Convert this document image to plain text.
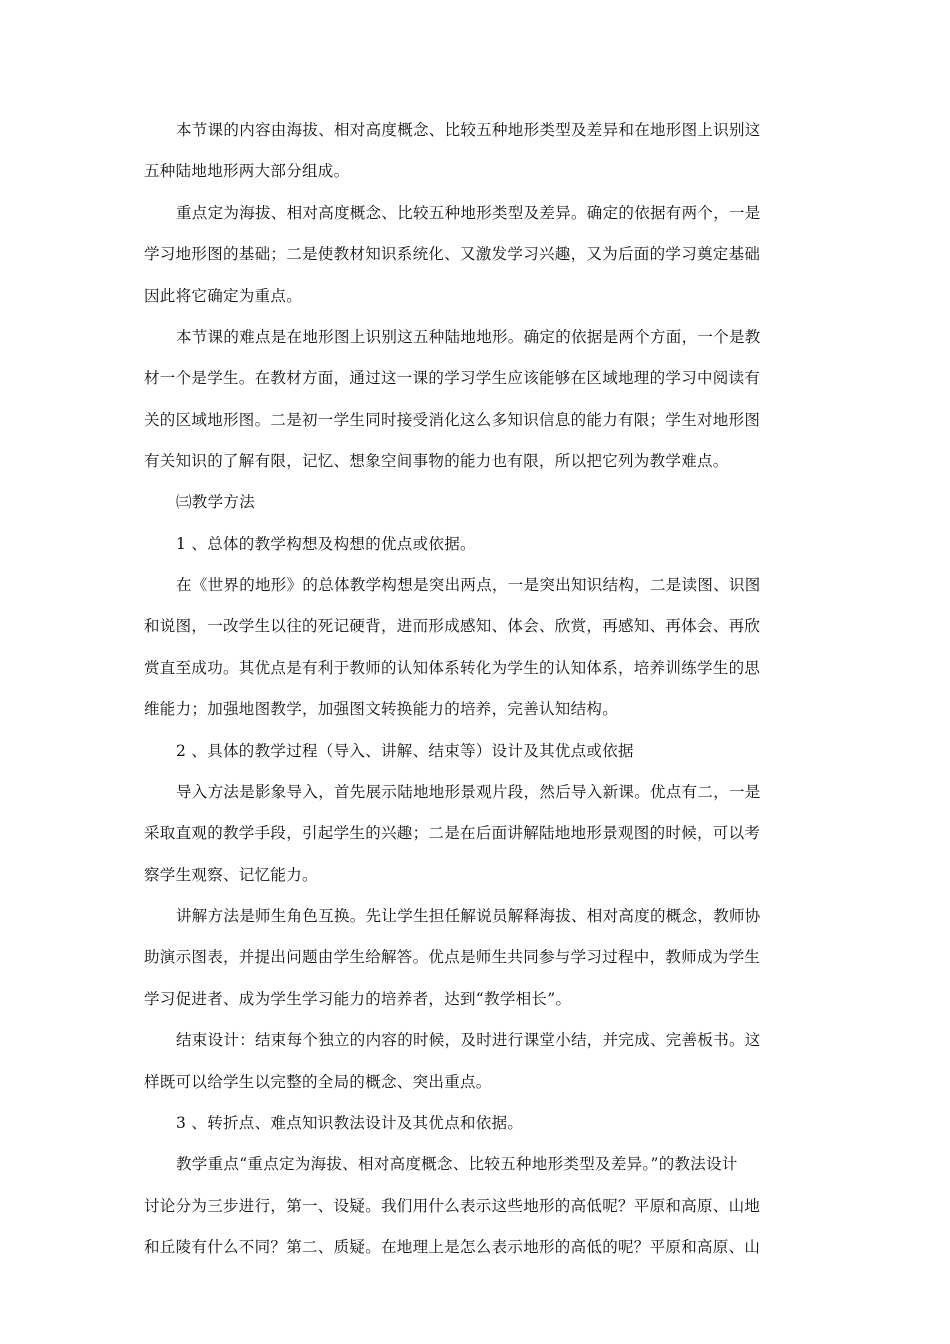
本节课的内容由海拔、相对高度概念、比较五种地形类型及差异和在地形图上识别这
五种陆地地形两大部分组成。
重点定为海拔、相对高度概念、比较五种地形类型及差异。确定的依据有两个，一是
学习地形图的基础；二是使教材知识系统化、又激发学习兴趣，又为后面的学习奠定基础
因此将它确定为重点。
本节课的难点是在地形图上识别这五种陆地地形。确定的依据是两个方面，一个是教
材一个是学生。在教材方面，通过这一课的学习学生应该能够在区域地理的学习中阅读有
关的区域地形图。二是初一学生同时接受消化这么多知识信息的能力有限；学生对地形图
有关知识的了解有限，记忆、想象空间事物的能力也有限，所以把它列为教学难点。
㈢教学方法
1 、总体的教学构想及构想的优点或依据。
在《世界的地形》的总体教学构想是突出两点，一是突出知识结构，二是读图、识图
和说图，一改学生以往的死记硬背，进而形成感知、体会、欣赏，再感知、再体会、再欣
赏直至成功。其优点是有利于教师的认知体系转化为学生的认知体系，培养训练学生的思
维能力；加强地图教学，加强图文转换能力的培养，完善认知结构。
2 、具体的教学过程（导入、讲解、结束等）设计及其优点或依据
导入方法是影象导入，首先展示陆地地形景观片段，然后导入新课。优点有二，一是
采取直观的教学手段，引起学生的兴趣；二是在后面讲解陆地地形景观图的时候，可以考
察学生观察、记忆能力。
讲解方法是师生角色互换。先让学生担任解说员解释海拔、相对高度的概念，教师协
助演示图表，并提出问题由学生给解答。优点是师生共同参与学习过程中，教师成为学生
学习促进者、成为学生学习能力的培养者，达到“教学相长”。
结束设计：结束每个独立的内容的时候，及时进行课堂小结，并完成、完善板书。这
样既可以给学生以完整的全局的概念、突出重点。
3 、转折点、难点知识教法设计及其优点和依据。
教学重点“重点定为海拔、相对高度概念、比较五种地形类型及差异。”的教法设计
讨论分为三步进行，第一、设疑。我们用什么表示这些地形的高低呢？平原和高原、山地
和丘陵有什么不同？第二、质疑。在地理上是怎么表示地形的高低的呢？平原和高原、山
